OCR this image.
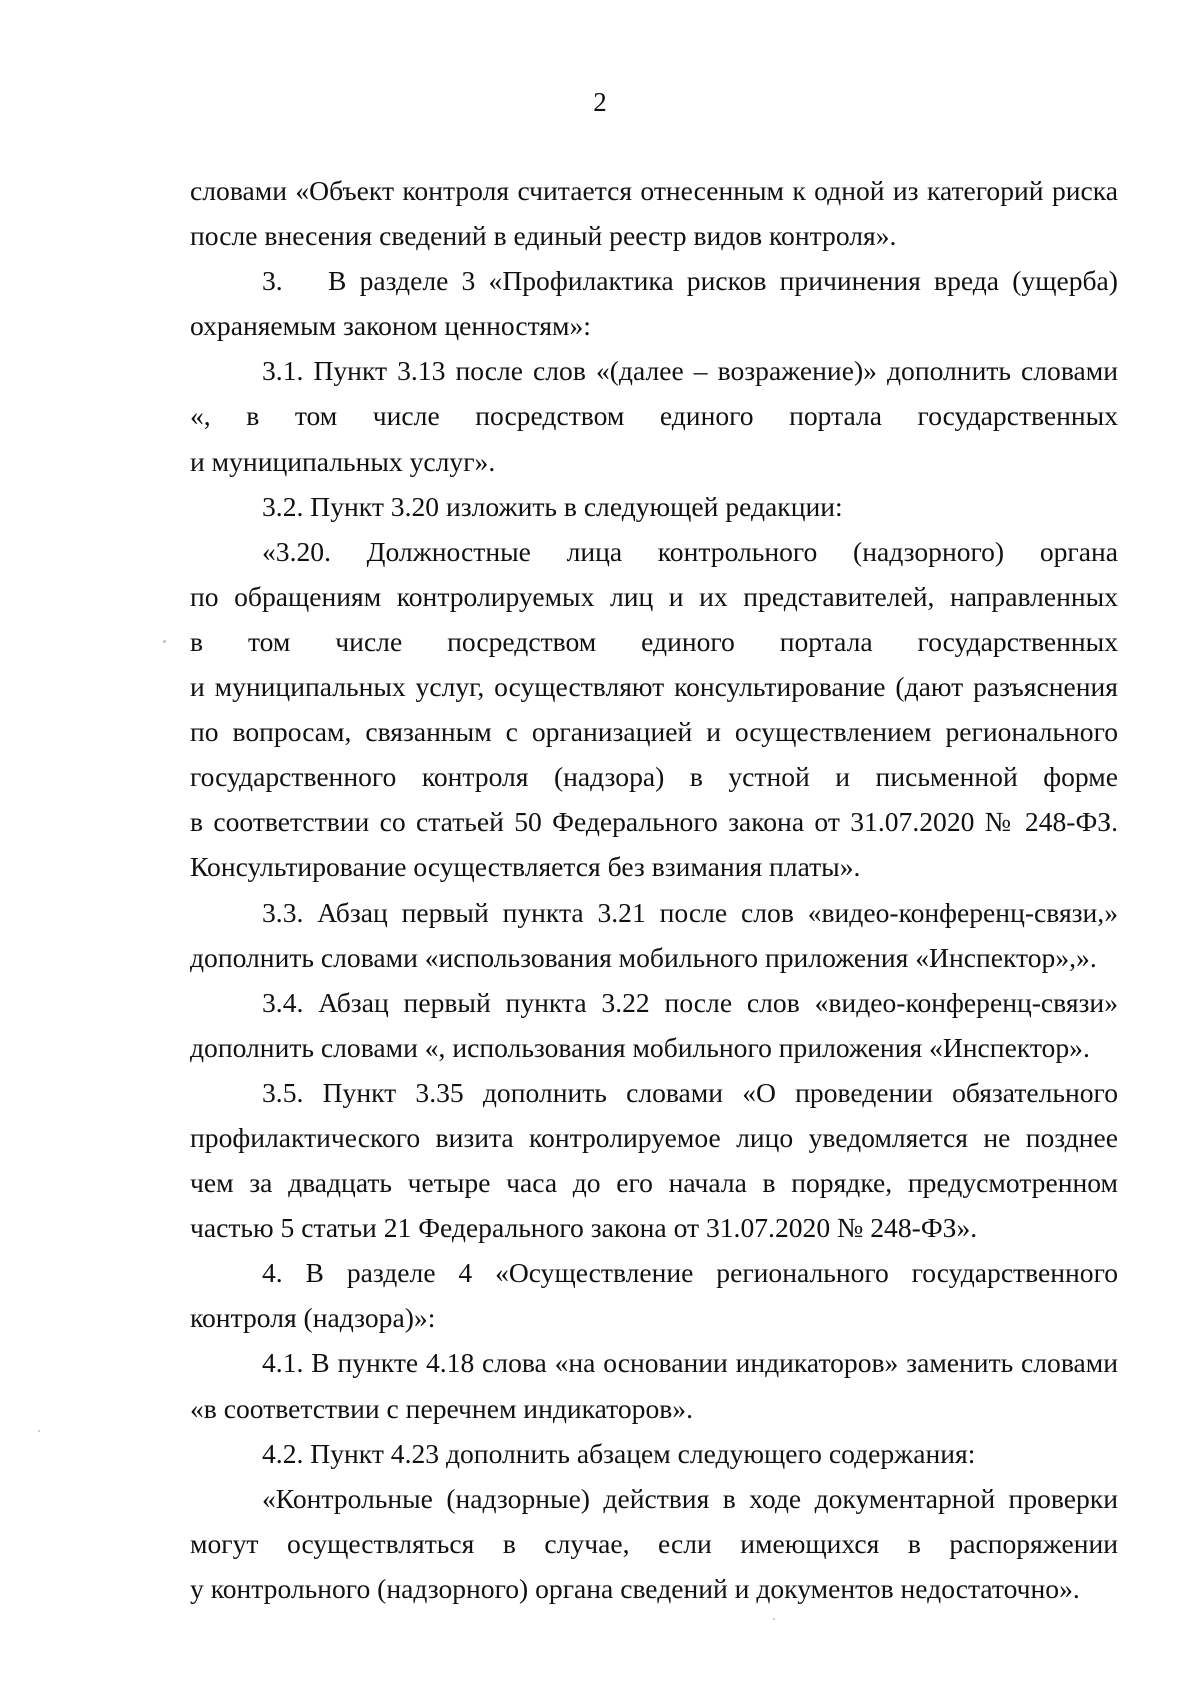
2
словами «Объект контроля считается отнесенным к одной из категорий риска
после внесения сведений в единый реестр видов контроля».
3. В разделе 3 «Профилактика рисков причинения вреда (ущерба)
охраняемым законом ценностям»:
3.1. Пункт 3.13 после слов «(далее – возражение)» дополнить словами
«, в том числе посредством единого портала государственных
и муниципальных услуг».
3.2. Пункт 3.20 изложить в следующей редакции:
«3.20. Должностные лица контрольного (надзорного) органа
по обращениям контролируемых лиц и их представителей, направленных
в том числе посредством единого портала государственных
и муниципальных услуг, осуществляют консультирование (дают разъяснения
по вопросам, связанным с организацией и осуществлением регионального
государственного контроля (надзора) в устной и письменной форме
в соответствии со статьей 50 Федерального закона от 31.07.2020 № 248-ФЗ.
Консультирование осуществляется без взимания платы».
3.3. Абзац первый пункта 3.21 после слов «видео-конференц-связи,»
дополнить словами «использования мобильного приложения «Инспектор»,».
3.4. Абзац первый пункта 3.22 после слов «видео-конференц-связи»
дополнить словами «, использования мобильного приложения «Инспектор».
3.5. Пункт 3.35 дополнить словами «О проведении обязательного
профилактического визита контролируемое лицо уведомляется не позднее
чем за двадцать четыре часа до его начала в порядке, предусмотренном
частью 5 статьи 21 Федерального закона от 31.07.2020 № 248-ФЗ».
4. В разделе 4 «Осуществление регионального государственного
контроля (надзора)»:
4.1. В пункте 4.18 слова «на основании индикаторов» заменить словами
«в соответствии с перечнем индикаторов».
4.2. Пункт 4.23 дополнить абзацем следующего содержания:
«Контрольные (надзорные) действия в ходе документарной проверки
могут осуществляться в случае, если имеющихся в распоряжении
у контрольного (надзорного) органа сведений и документов недостаточно».
